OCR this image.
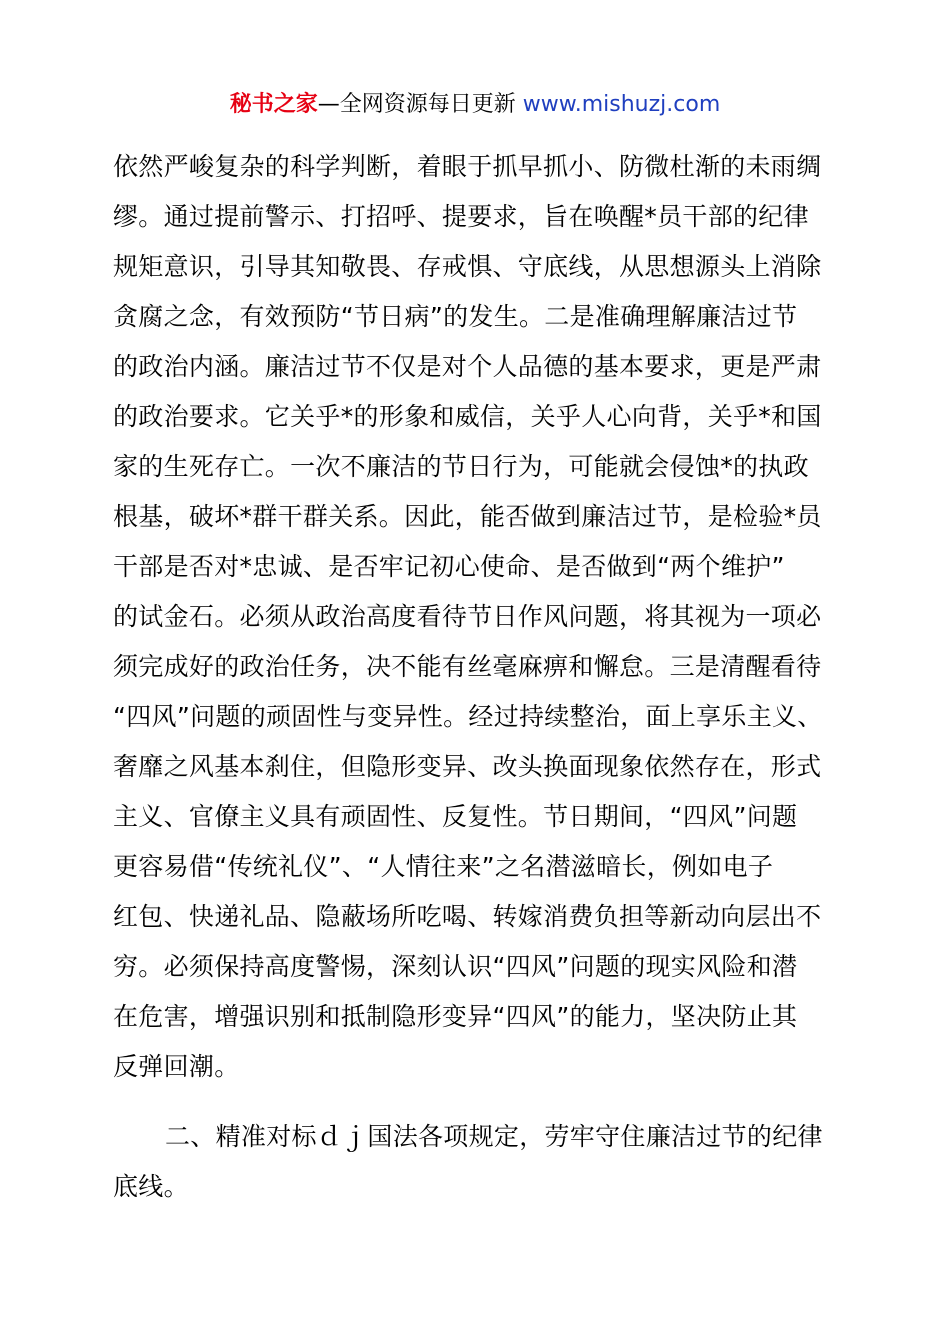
秘书之家—全网资源每日更新 www.mishuzj.com
依然严峻复杂的科学判断，着眼于抓早抓小、防微杜渐的未雨绸
缪。通过提前警示、打招呼、提要求，旨在唤醒*员干部的纪律
规矩意识，引导其知敬畏、存戒惧、守底线，从思想源头上消除
贪腐之念，有效预防“节日病”的发生。二是准确理解廉洁过节
的政治内涵。廉洁过节不仅是对个人品德的基本要求，更是严肃
的政治要求。它关乎*的形象和威信，关乎人心向背，关乎*和国
家的生死存亡。一次不廉洁的节日行为，可能就会侵蚀*的执政
根基，破坏*群干群关系。因此，能否做到廉洁过节，是检验*员
干部是否对*忠诚、是否牢记初心使命、是否做到“两个维护”
的试金石。必须从政治高度看待节日作风问题，将其视为一项必
须完成好的政治任务，决不能有丝毫麻痹和懈怠。三是清醒看待
“四风”问题的顽固性与变异性。经过持续整治，面上享乐主义、
奢靡之风基本刹住，但隐形变异、改头换面现象依然存在，形式
主义、官僚主义具有顽固性、反复性。节日期间，“四风”问题
更容易借“传统礼仪”、“人情往来”之名潜滋暗长，例如电子
红包、快递礼品、隐蔽场所吃喝、转嫁消费负担等新动向层出不
穷。必须保持高度警惕，深刻认识“四风”问题的现实风险和潜
在危害，增强识别和抵制隐形变异“四风”的能力，坚决防止其
反弹回潮。
二、精准对标ｄｊ国法各项规定，劳牢守住廉洁过节的纪律
底线。
